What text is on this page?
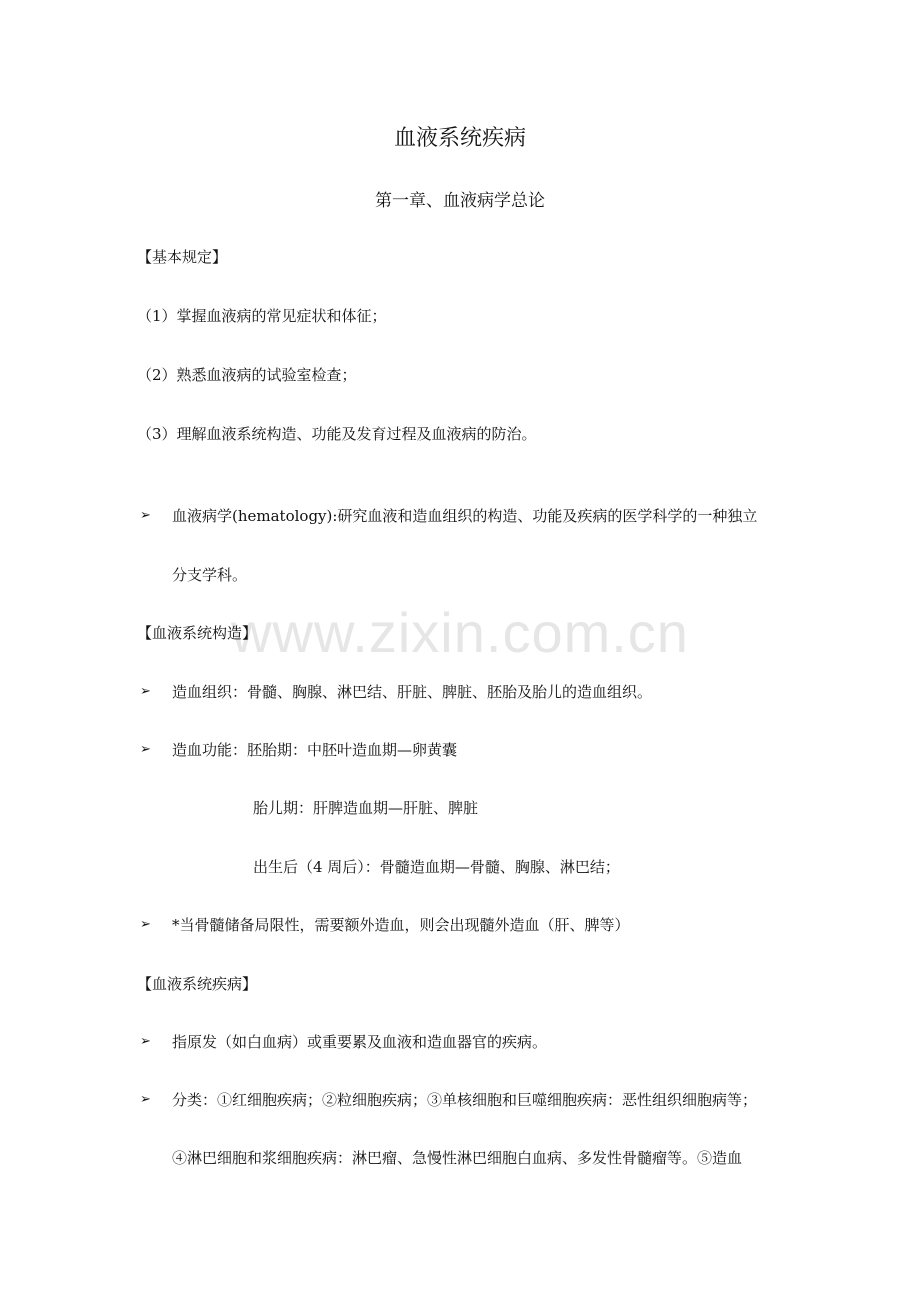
www.zixin.com.cn
血液系统疾病
第一章、血液病学总论
【基本规定】
（1）掌握血液病的常见症状和体征；
（2）熟悉血液病的试验室检查；
（3）理解血液系统构造、功能及发育过程及血液病的防治。
➢ 血液病学(hematology):研究血液和造血组织的构造、功能及疾病的医学科学的一种独立
分支学科。
【血液系统构造】
➢ 造血组织：骨髓、胸腺、淋巴结、肝脏、脾脏、胚胎及胎儿的造血组织。
➢ 造血功能：胚胎期：中胚叶造血期—卵黄囊
胎儿期：肝脾造血期—肝脏、脾脏
出生后（4 周后）：骨髓造血期—骨髓、胸腺、淋巴结；
➢ *当骨髓储备局限性，需要额外造血，则会出现髓外造血（肝、脾等）
【血液系统疾病】
➢ 指原发（如白血病）或重要累及血液和造血器官的疾病。
➢ 分类：①红细胞疾病；②粒细胞疾病；③单核细胞和巨噬细胞疾病：恶性组织细胞病等；
④淋巴细胞和浆细胞疾病：淋巴瘤、急慢性淋巴细胞白血病、多发性骨髓瘤等。⑤造血
